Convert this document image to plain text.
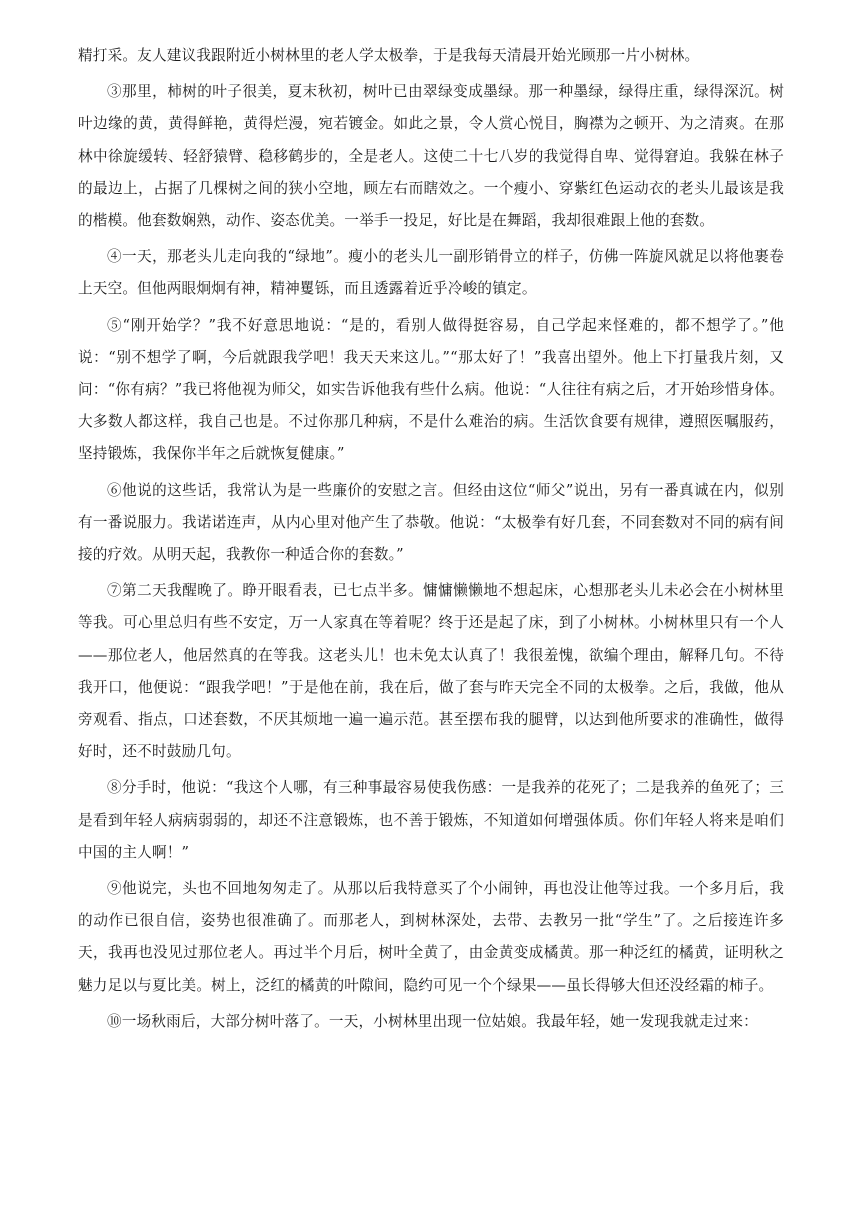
精打采。友人建议我跟附近小树林里的老人学太极拳，于是我每天清晨开始光顾那一片小树林。

③那里，柿树的叶子很美，夏末秋初，树叶已由翠绿变成墨绿。那一种墨绿，绿得庄重，绿得深沉。树叶边缘的黄，黄得鲜艳，黄得烂漫，宛若镀金。如此之景，令人赏心悦目，胸襟为之顿开、为之清爽。在那林中徐旋缓转、轻舒猿臂、稳移鹤步的，全是老人。这使二十七八岁的我觉得自卑、觉得窘迫。我躲在林子的最边上，占据了几棵树之间的狭小空地，顾左右而瞎效之。一个瘦小、穿紫红色运动衣的老头儿最该是我的楷模。他套数娴熟，动作、姿态优美。一举手一投足，好比是在舞蹈，我却很难跟上他的套数。

④一天，那老头儿走向我的“绿地”。瘦小的老头儿一副形销骨立的样子，仿佛一阵旋风就足以将他裹卷上天空。但他两眼炯炯有神，精神矍铄，而且透露着近乎冷峻的镇定。

⑤“刚开始学？”我不好意思地说：“是的，看别人做得挺容易，自己学起来怪难的，都不想学了。”他说：“别不想学了啊，今后就跟我学吧！我天天来这儿。”“那太好了！”我喜出望外。他上下打量我片刻，又问：“你有病？”我已将他视为师父，如实告诉他我有些什么病。他说：“人往往有病之后，才开始珍惜身体。大多数人都这样，我自己也是。不过你那几种病，不是什么难治的病。生活饮食要有规律，遵照医嘱服药，坚持锻炼，我保你半年之后就恢复健康。”

⑥他说的这些话，我常认为是一些廉价的安慰之言。但经由这位“师父”说出，另有一番真诚在内，似别有一番说服力。我诺诺连声，从内心里对他产生了恭敬。他说：“太极拳有好几套，不同套数对不同的病有间接的疗效。从明天起，我教你一种适合你的套数。”

⑦第二天我醒晚了。睁开眼看表，已七点半多。慵慵懒懒地不想起床，心想那老头儿未必会在小树林里等我。可心里总归有些不安定，万一人家真在等着呢？终于还是起了床，到了小树林。小树林里只有一个人——那位老人，他居然真的在等我。这老头儿！也未免太认真了！我很羞愧，欲编个理由，解释几句。不待我开口，他便说：“跟我学吧！”于是他在前，我在后，做了套与昨天完全不同的太极拳。之后，我做，他从旁观看、指点，口述套数，不厌其烦地一遍一遍示范。甚至摆布我的腿臂，以达到他所要求的准确性，做得好时，还不时鼓励几句。

⑧分手时，他说：“我这个人哪，有三种事最容易使我伤感：一是我养的花死了；二是我养的鱼死了；三是看到年轻人病病弱弱的，却还不注意锻炼，也不善于锻炼，不知道如何增强体质。你们年轻人将来是咱们中国的主人啊！”

⑨他说完，头也不回地匆匆走了。从那以后我特意买了个小闹钟，再也没让他等过我。一个多月后，我的动作已很自信，姿势也很准确了。而那老人，到树林深处，去带、去教另一批“学生”了。之后接连许多天，我再也没见过那位老人。再过半个月后，树叶全黄了，由金黄变成橘黄。那一种泛红的橘黄，证明秋之魅力足以与夏比美。树上，泛红的橘黄的叶隙间，隐约可见一个个绿果——虽长得够大但还没经霜的柿子。

⑩一场秋雨后，大部分树叶落了。一天，小树林里出现一位姑娘。我最年轻，她一发现我就走过来：
